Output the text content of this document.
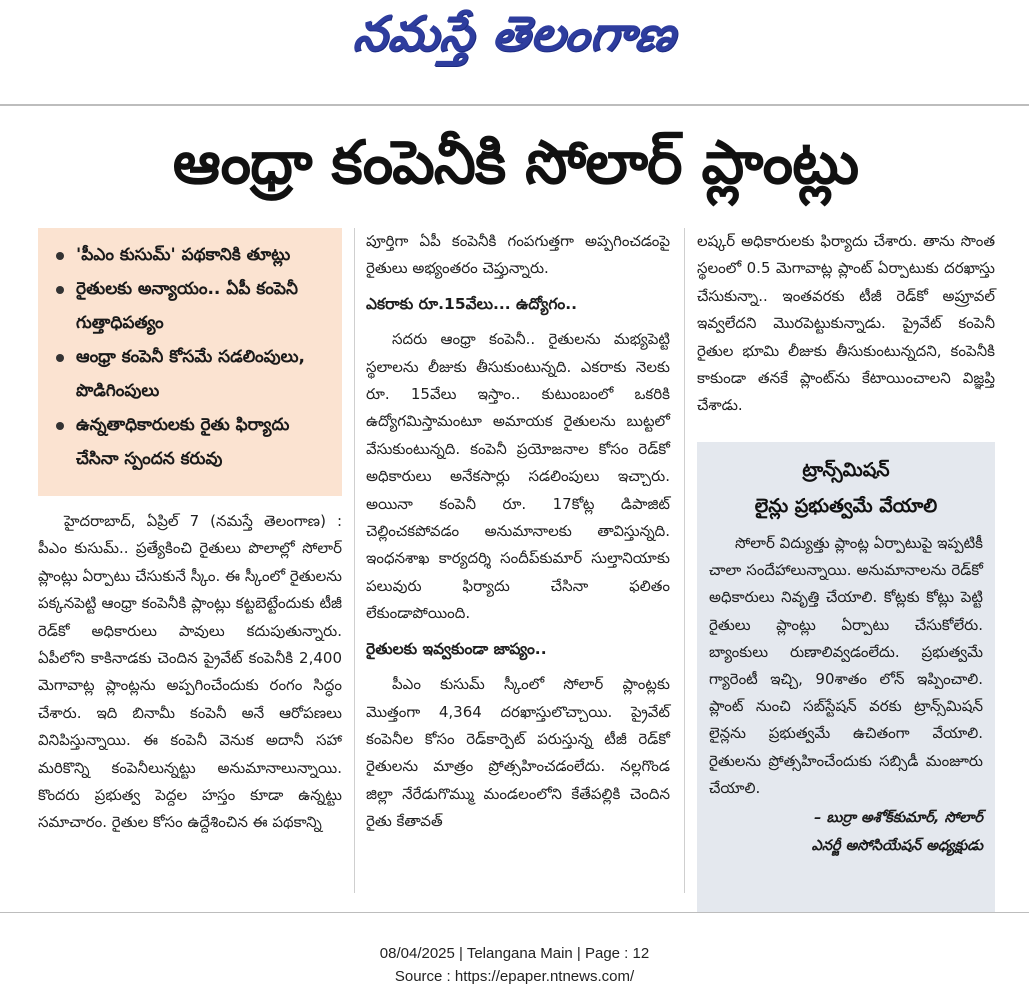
నమస్తే తెలంగాణ
ఆంధ్రా కంపెనీకి సోలార్ ప్లాంట్లు
'పీఎం కుసుమ్' పథకానికి తూట్లు
రైతులకు అన్యాయం.. ఏపీ కంపెనీ గుత్తాధిపత్యం
ఆంధ్రా కంపెనీ కోసమే సడలింపులు, పొడిగింపులు
ఉన్నతాధికారులకు రైతు ఫిర్యాదు చేసినా స్పందన కరువు

హైదరాబాద్, ఏప్రిల్ 7 (నమస్తే తెలంగాణ) : పీఎం కుసుమ్.. ప్రత్యేకించి రైతులు పొలాల్లో సోలార్ ప్లాంట్లు ఏర్పాటు చేసుకునే స్కీం. ఈ స్కీంలో రైతులను పక్కనపెట్టి ఆంధ్రా కంపెనీకి ప్లాంట్లు కట్టబెట్టేందుకు టీజీ రెడ్‌కో అధికారులు పావులు కదుపుతున్నారు. ఏపీలోని కాకినాడకు చెందిన ప్రైవేట్ కంపెనీకి 2,400 మెగావాట్ల ప్లాంట్లను అప్పగించేందుకు రంగం సిద్ధం చేశారు. ఇది బినామీ కంపెనీ అనే ఆరోపణలు వినిపిస్తున్నాయి. ఈ కంపెనీ వెనుక అదానీ సహా మరికొన్ని కంపెనీలున్నట్టు అనుమానాలున్నాయి. కొందరు ప్రభుత్వ పెద్దల హస్తం కూడా ఉన్నట్టు సమాచారం. రైతుల కోసం ఉద్దేశించిన ఈ పథకాన్ని

పూర్తిగా ఏపీ కంపెనీకి గంపగుత్తగా అప్పగించడంపై రైతులు అభ్యంతరం చెప్తున్నారు.

ఎకరాకు రూ.15వేలు... ఉద్యోగం..

సదరు ఆంధ్రా కంపెనీ.. రైతులను మభ్యపెట్టి స్థలాలను లీజుకు తీసుకుంటున్నది. ఎకరాకు నెలకు రూ. 15వేలు ఇస్తాం.. కుటుంబంలో ఒకరికి ఉద్యోగమిస్తామంటూ అమాయక రైతులను బుట్టలో వేసుకుంటున్నది. కంపెనీ ప్రయోజనాల కోసం రెడ్‌కో అధికారులు అనేకసార్లు సడలింపులు ఇచ్చారు. అయినా కంపెనీ రూ. 17కోట్ల డిపాజిట్ చెల్లించకపోవడం అనుమానాలకు తావిస్తున్నది. ఇంధనశాఖ కార్యదర్శి సందీప్‌కుమార్ సుల్తానియాకు పలువురు ఫిర్యాదు చేసినా ఫలితం లేకుండాపోయింది.

రైతులకు ఇవ్వకుండా జాప్యం..

పీఎం కుసుమ్ స్కీంలో సోలార్ ప్లాంట్లకు మొత్తంగా 4,364 దరఖాస్తులొచ్చాయి. ప్రైవేట్ కంపెనీల కోసం రెడ్‌కార్పెట్ పరుస్తున్న టీజీ రెడ్‌కో రైతులను మాత్రం ప్రోత్సహించడంలేదు. నల్లగొండ జిల్లా నేరేడుగొమ్ము మండలంలోని కేతేపల్లికి చెందిన రైతు కేతావత్

లష్కర్ అధికారులకు ఫిర్యాదు చేశారు. తాను సొంత స్థలంలో 0.5 మెగావాట్ల ప్లాంట్ ఏర్పాటుకు దరఖాస్తు చేసుకున్నా.. ఇంతవరకు టీజీ రెడ్‌కో అప్రూవల్ ఇవ్వలేదని మొరపెట్టుకున్నాడు. ప్రైవేట్ కంపెనీ రైతుల భూమి లీజుకు తీసుకుంటున్నదని, కంపెనీకి కాకుండా తనకే ప్లాంట్‌ను కేటాయించాలని విజ్ఞప్తి చేశాడు.

ట్రాన్స్‌మిషన్
లైన్లు ప్రభుత్వమే వేయాలి

సోలార్ విద్యుత్తు ప్లాంట్ల ఏర్పాటుపై ఇప్పటికీ చాలా సందేహాలున్నాయి. అనుమానాలను రెడ్‌కో అధికారులు నివృత్తి చేయాలి. కోట్లకు కోట్లు పెట్టి రైతులు ప్లాంట్లు ఏర్పాటు చేసుకోలేరు. బ్యాంకులు రుణాలివ్వడంలేదు. ప్రభుత్వమే గ్యారెంటీ ఇచ్చి, 90శాతం లోన్ ఇప్పించాలి. ప్లాంట్ నుంచి సబ్‌స్టేషన్ వరకు ట్రాన్స్‌మిషన్ లైన్లను ప్రభుత్వమే ఉచితంగా వేయాలి. రైతులను ప్రోత్సహించేందుకు సబ్సిడీ మంజూరు చేయాలి.

– బుర్రా అశోక్‌కుమార్, సోలార్
ఎనర్జీ అసోసియేషన్ అధ్యక్షుడు
08/04/2025 | Telangana Main | Page : 12
Source : https://epaper.ntnews.com/
